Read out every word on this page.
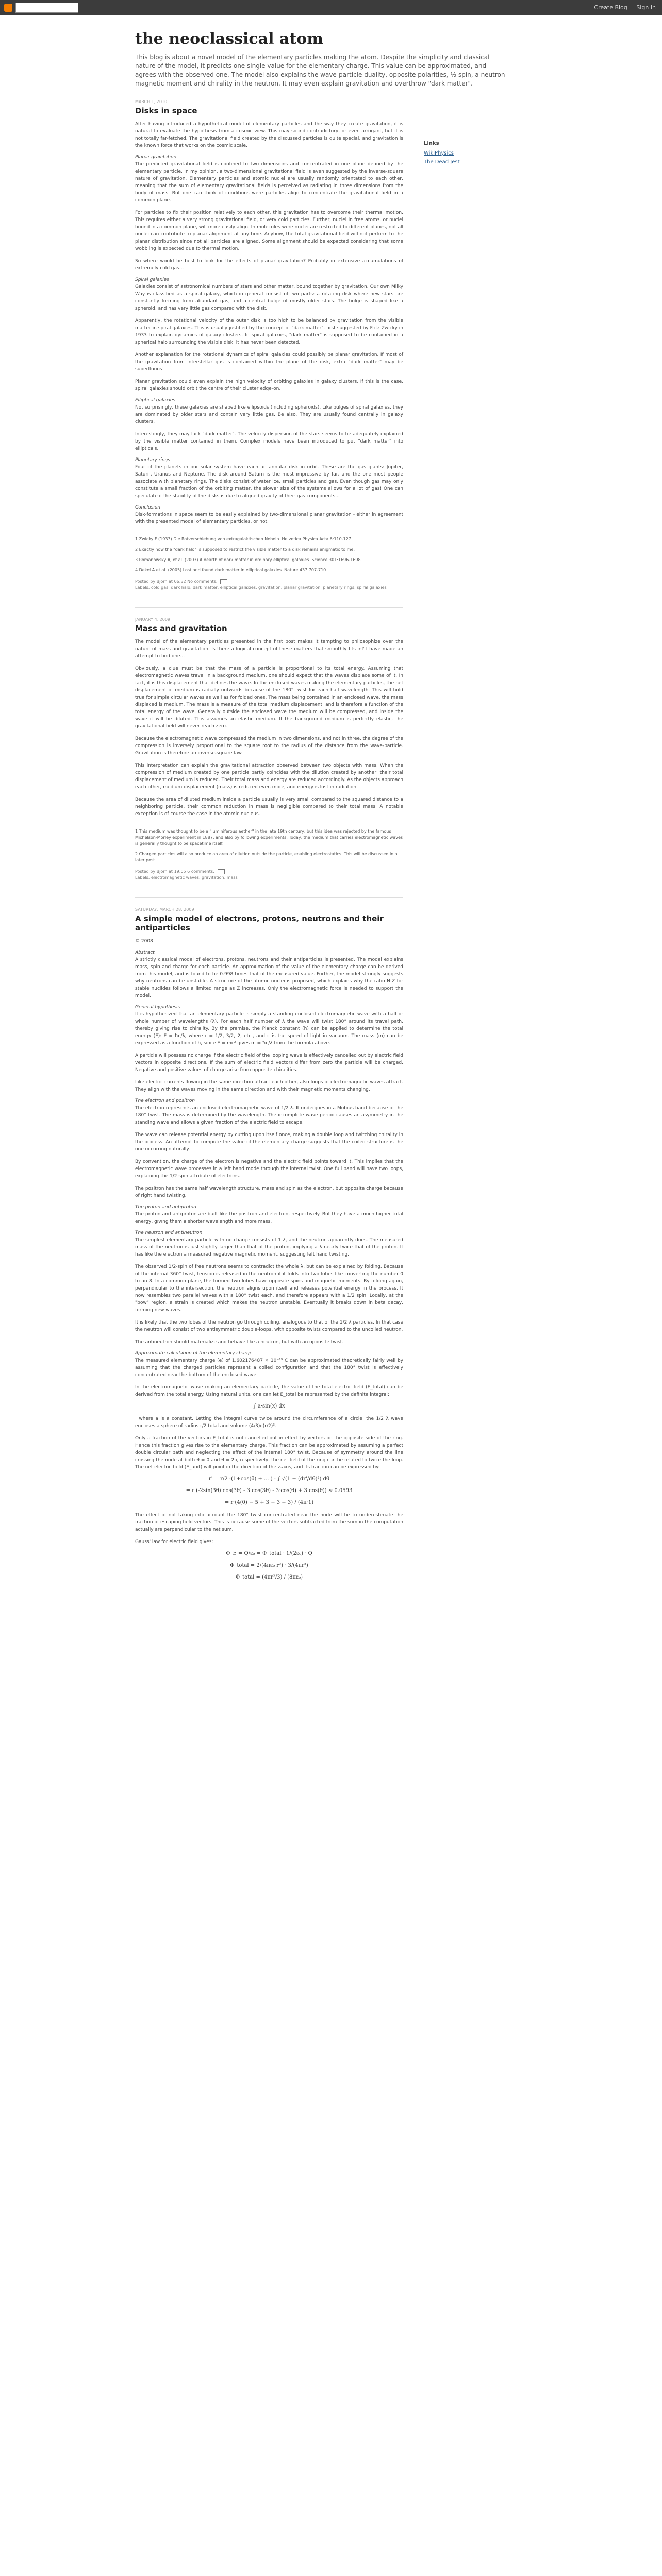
Create Blog Sign In
the neoclassical atom
This blog is about a novel model of the elementary particles making the atom. Despite the simplicity and classical nature of the model, it predicts one single value for the elementary charge. This value can be approximated, and agrees with the observed one. The model also explains the wave-particle duality, opposite polarities, ½ spin, a neutron magnetic moment and chirality in the neutron. It may even explain gravitation and overthrow "dark matter".
MARCH 1, 2010
Disks in space

After having introduced a hypothetical model of elementary particles and the way they create gravitation, it is natural to evaluate the hypothesis from a cosmic view. This may sound contradictory, or even arrogant, but it is not totally far-fetched. The gravitational field created by the discussed particles is quite special, and gravitation is the known force that works on the cosmic scale.

Planar gravitation

The predicted gravitational field is confined to two dimensions and concentrated in one plane defined by the elementary particle. In my opinion, a two-dimensional gravitational field is even suggested by the inverse-square nature of gravitation. Elementary particles and atomic nuclei are usually randomly orientated to each other, meaning that the sum of elementary gravitational fields is perceived as radiating in three dimensions from the body of mass. But one can think of conditions were particles align to concentrate the gravitational field in a common plane.

For particles to fix their position relatively to each other, this gravitation has to overcome their thermal motion. This requires either a very strong gravitational field, or very cold particles. Further, nuclei in free atoms, or nuclei bound in a common plane, will more easily align. In molecules were nuclei are restricted to different planes, not all nuclei can contribute to planar alignment at any time. Anyhow, the total gravitational field will not perform to the planar distribution since not all particles are aligned. Some alignment should be expected considering that some wobbling is expected due to thermal motion.

So where would be best to look for the effects of planar gravitation? Probably in extensive accumulations of extremely cold gas...

Spiral galaxies

Galaxies consist of astronomical numbers of stars and other matter, bound together by gravitation. Our own Milky Way is classified as a spiral galaxy, which in general consist of two parts: a rotating disk where new stars are constantly forming from abundant gas, and a central bulge of mostly older stars. The bulge is shaped like a spheroid, and has very little gas compared with the disk.

Apparently, the rotational velocity of the outer disk is too high to be balanced by gravitation from the visible matter in spiral galaxies. This is usually justified by the concept of "dark matter", first suggested by Fritz Zwicky in 1933 to explain dynamics of galaxy clusters. In spiral galaxies, "dark matter" is supposed to be contained in a spherical halo surrounding the visible disk, it has never been detected.

Another explanation for the rotational dynamics of spiral galaxies could possibly be planar gravitation. If most of the gravitation from interstellar gas is contained within the plane of the disk, extra "dark matter" may be superfluous!

Planar gravitation could even explain the high velocity of orbiting galaxies in galaxy clusters. If this is the case, spiral galaxies should orbit the centre of their cluster edge-on.

Elliptical galaxies

Not surprisingly, these galaxies are shaped like ellipsoids (including spheroids). Like bulges of spiral galaxies, they are dominated by older stars and contain very little gas. Be also. They are usually found centrally in galaxy clusters.

Interestingly, they may lack "dark matter". The velocity dispersion of the stars seems to be adequately explained by the visible matter contained in them. Complex models have been introduced to put "dark matter" into ellipticals.

Planetary rings

Four of the planets in our solar system have each an annular disk in orbit. These are the gas giants: Jupiter, Saturn, Uranus and Neptune. The disk around Saturn is the most impressive by far, and the one most people associate with planetary rings. The disks consist of water ice, small particles and gas. Even though gas may only constitute a small fraction of the orbiting matter, the slower size of the systems allows for a lot of gas! One can speculate if the stability of the disks is due to aligned gravity of their gas components...

Conclusion

Disk-formations in space seem to be easily explained by two-dimensional planar gravitation - either in agreement with the presented model of elementary particles, or not.

1 Zwicky F (1933) Die Rotverschiebung von extragalaktischen Nebeln. Helvetica Physica Acta 6:110-127

2 Exactly how the "dark halo" is supposed to restrict the visible matter to a disk remains enigmatic to me.

3 Romanowsky AJ et al. (2003) A dearth of dark matter in ordinary elliptical galaxies. Science 301:1696-1698

4 Dekel A et al. (2005) Lost and found dark matter in elliptical galaxies. Nature 437:707-710

Posted by Bjorn at 06:32 No comments:
Labels: cold gas, dark halo, dark matter, elliptical galaxies, gravitation, planar gravitation, planetary rings, spiral galaxies
JANUARY 4, 2009
Mass and gravitation

The model of the elementary particles presented in the first post makes it tempting to philosophize over the nature of mass and gravitation. Is there a logical concept of these matters that smoothly fits in? I have made an attempt to find one...

Obviously, a clue must be that the mass of a particle is proportional to its total energy. Assuming that electromagnetic waves travel in a background medium, one should expect that the waves displace some of it. In fact, it is this displacement that defines the wave. In the enclosed waves making the elementary particles, the net displacement of medium is radially outwards because of the 180° twist for each half wavelength. This will hold true for simple circular waves as well as for folded ones. The mass being contained in an enclosed wave, the mass displaced is medium. The mass is a measure of the total medium displacement, and is therefore a function of the total energy of the wave. Generally outside the enclosed wave the medium will be compressed, and inside the wave it will be diluted. This assumes an elastic medium. If the background medium is perfectly elastic, the gravitational field will never reach zero.

Because the electromagnetic wave compressed the medium in two dimensions, and not in three, the degree of the compression is inversely proportional to the square root to the radius of the distance from the wave-particle. Gravitation is therefore an inverse-square law.

This interpretation can explain the gravitational attraction observed between two objects with mass. When the compression of medium created by one particle partly coincides with the dilution created by another, their total displacement of medium is reduced. Their total mass and energy are reduced accordingly. As the objects approach each other, medium displacement (mass) is reduced even more, and energy is lost in radiation.

Because the area of diluted medium inside a particle usually is very small compared to the squared distance to a neighboring particle, their common reduction in mass is negligible compared to their total mass. A notable exception is of course the case in the atomic nucleus.

1 This medium was thought to be a "luminiferous aether" in the late 19th century, but this idea was rejected by the famous Michelson-Morley experiment in 1887, and also by following experiments. Today, the medium that carries electromagnetic waves is generally thought to be spacetime itself.

2 Charged particles will also produce an area of dilution outside the particle, enabling electrostatics. This will be discussed in a later post.

Posted by Bjorn at 19:05 6 comments:
Labels: electromagnetic waves, gravitation, mass
SATURDAY, MARCH 28, 2009
A simple model of electrons, protons, neutrons and their antiparticles

© 2008

Abstract

A strictly classical model of electrons, protons, neutrons and their antiparticles is presented. The model explains mass, spin and charge for each particle. An approximation of the value of the elementary charge can be derived from this model, and is found to be 0.998 times that of the measured value. Further, the model strongly suggests why neutrons can be unstable. A structure of the atomic nuclei is proposed, which explains why the ratio N:Z for stable nuclides follows a limited range as Z increases. Only the electromagnetic force is needed to support the model.

General hypothesis

It is hypothesized that an elementary particle is simply a standing enclosed electromagnetic wave with a half or whole number of wavelengths (λ). For each half number of λ the wave will twist 180° around its travel path, thereby giving rise to chirality. By the premise, the Planck constant (h) can be applied to determine the total energy (E): E = ħc/λ, where r = 1/2, 3/2, 2, etc., and c is the speed of light in vacuum. The mass (m) can be expressed as a function of h, since E = mc² gives m = ħc/λ from the formula above.

A particle will possess no charge if the electric field of the looping wave is effectively cancelled out by electric field vectors in opposite directions. If the sum of electric field vectors differ from zero the particle will be charged. Negative and positive values of charge arise from opposite chiralities.

Like electric currents flowing in the same direction attract each other, also loops of electromagnetic waves attract. They align with the waves moving in the same direction and with their magnetic moments changing.

The electron and positron

The electron represents an enclosed electromagnetic wave of 1/2 λ. It undergoes in a Möbius band because of the 180° twist. The mass is determined by the wavelength. The incomplete wave period causes an asymmetry in the standing wave and allows a given fraction of the electric field to escape.

The wave can release potential energy by cutting upon itself once, making a double loop and twitching chirality in the process. An attempt to compute the value of the elementary charge suggests that the coiled structure is the one occurring naturally.

By convention, the charge of the electron is negative and the electric field points toward it. This implies that the electromagnetic wave processes in a left hand mode through the internal twist. One full band will have two loops, explaining the 1/2 spin attribute of electrons.

The positron has the same half wavelength structure, mass and spin as the electron, but opposite charge because of right hand twisting.

The proton and antiproton

The proton and antiproton are built like the positron and electron, respectively. But they have a much higher total energy, giving them a shorter wavelength and more mass.

The neutron and antineutron

The simplest elementary particle with no charge consists of 1 λ, and the neutron apparently does. The measured mass of the neutron is just slightly larger than that of the proton, implying a λ nearly twice that of the proton. It has like the electron a measured negative magnetic moment, suggesting left hand twisting.

The observed 1/2-spin of free neutrons seems to contradict the whole λ, but can be explained by folding. Because of the internal 360° twist, tension is released in the neutron if it folds into two lobes like converting the number 0 to an 8. In a common plane, the formed two lobes have opposite spins and magnetic moments. By folding again, perpendicular to the intersection, the neutron aligns upon itself and releases potential energy in the process. It now resembles two parallel waves with a 180° twist each, and therefore appears with a 1/2 spin. Locally, at the "bow" region, a strain is created which makes the neutron unstable. Eventually it breaks down in beta decay, forming new waves.

It is likely that the two lobes of the neutron go through coiling, analogous to that of the 1/2 λ particles. In that case the neutron will consist of two antisymmetric double-loops, with opposite twists compared to the uncoiled neutron.

The antineutron should materialize and behave like a neutron, but with an opposite twist.

Approximate calculation of the elementary charge

The measured elementary charge (e) of 1.602176487 × 10⁻¹⁹ C can be approximated theoretically fairly well by assuming that the charged particles represent a coiled configuration and that the 180° twist is effectively concentrated near the bottom of the enclosed wave.

In the electromagnetic wave making an elementary particle, the value of the total electric field (E_total) can be derived from the total energy. Using natural units, one can let E_total be represented by the definite integral:

∫ a·sin(x) dx

, where a is a constant. Letting the integral curve twice around the circumference of a circle, the 1/2 λ wave encloses a sphere of radius r/2 total and volume (4/3)π(r/2)³.

Only a fraction of the vectors in E_total is not cancelled out in effect by vectors on the opposite side of the ring. Hence this fraction gives rise to the elementary charge. This fraction can be approximated by assuming a perfect double circular path and neglecting the effect of the internal 180° twist. Because of symmetry around the line crossing the node at both θ = 0 and θ = 2π, respectively, the net field of the ring can be related to twice the loop. The net electric field (E_unit) will point in the direction of the z-axis, and its fraction can be expressed by:

r' = r/2 ·(1+cos(θ) + ... ) · ∫ √(1 + (dr'/dθ)²) dθ
= r·(-2sin(3θ)·cos(3θ) - 3·cos(3θ) - 3·cos(θ) + 3·cos(θ)) ≈ 0.0593
= r·(4(0) − 5 + 3 − 3 + 3) / (4π·1)

The effect of not taking into account the 180° twist concentrated near the node will be to underestimate the fraction of escaping field vectors. This is because some of the vectors subtracted from the sum in the computation actually are perpendicular to the net sum.

Gauss' law for electric field gives:

Φ_E = Q/ε₀ = Φ_total · 1/(2ε₀) · Q
Φ_total = 2/(4πε₀ r²) · 3/(4πr³)
Φ_total = (4πr²/3) / (8πε₀)
Links
WikiPhysics
The Dead Jest
